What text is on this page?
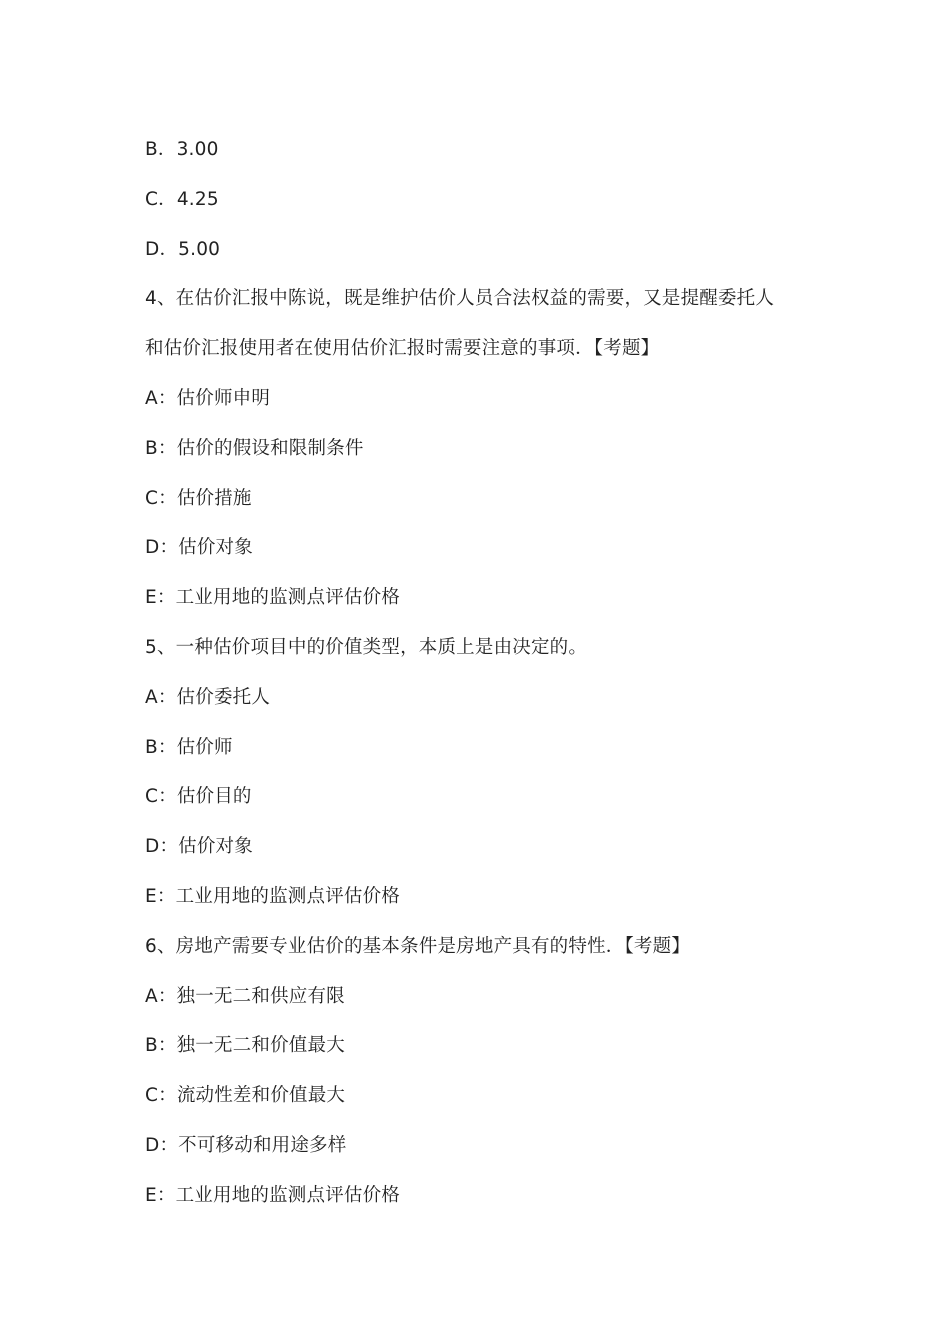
B．3.00
C．4.25
D．5.00
4、在估价汇报中陈说，既是维护估价人员合法权益的需要，又是提醒委托人
和估价汇报使用者在使用估价汇报时需要注意的事项．【考题】
A：估价师申明
B：估价的假设和限制条件
C：估价措施
D：估价对象
E：工业用地的监测点评估价格
5、一种估价项目中的价值类型，本质上是由决定的。
A：估价委托人
B：估价师
C：估价目的
D：估价对象
E：工业用地的监测点评估价格
6、房地产需要专业估价的基本条件是房地产具有的特性．【考题】
A：独一无二和供应有限
B：独一无二和价值最大
C：流动性差和价值最大
D：不可移动和用途多样
E：工业用地的监测点评估价格
